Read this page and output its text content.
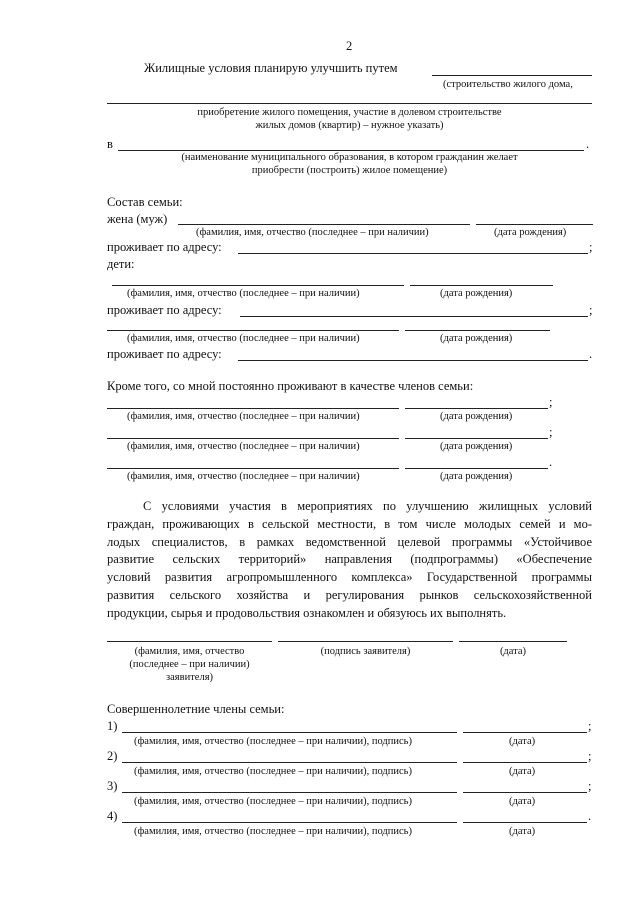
2
Жилищные условия планирую улучшить путем
(строительство жилого дома,
приобретение жилого помещения, участие в долевом строительстве
жилых домов (квартир) – нужное указать)
в	.
(наименование муниципального образования, в котором гражданин желает
приобрести (построить) жилое помещение)
Состав семьи:
жена (муж)
(фамилия, имя, отчество (последнее – при наличии)	(дата рождения)
проживает по адресу:	;
дети:
(фамилия, имя, отчество (последнее – при наличии)	(дата рождения)
проживает по адресу:	;
(фамилия, имя, отчество (последнее – при наличии)	(дата рождения)
проживает по адресу:	.
Кроме того, со мной постоянно проживают в качестве членов семьи:
;
(фамилия, имя, отчество (последнее – при наличии)	(дата рождения)
;
(фамилия, имя, отчество (последнее – при наличии)	(дата рождения)
.
(фамилия, имя, отчество (последнее – при наличии)	(дата рождения)
С условиями участия в мероприятиях по улучшению жилищных условий
граждан, проживающих в сельской местности, в том числе молодых семей и мо-
лодых специалистов, в рамках ведомственной целевой программы «Устойчивое
развитие сельских территорий» направления (подпрограммы) «Обеспечение
условий развития агропромышленного комплекса» Государственной программы
развития сельского хозяйства и регулирования рынков сельскохозяйственной
продукции, сырья и продовольствия ознакомлен и обязуюсь их выполнять.
(фамилия, имя, отчество
(последнее – при наличии)
заявителя)
(подпись заявителя)	(дата)
Совершеннолетние члены семьи:
1)	;
(фамилия, имя, отчество (последнее – при наличии), подпись)	(дата)
2)	;
(фамилия, имя, отчество (последнее – при наличии), подпись)	(дата)
3)	;
(фамилия, имя, отчество (последнее – при наличии), подпись)	(дата)
4)	.
(фамилия, имя, отчество (последнее – при наличии), подпись)	(дата)
